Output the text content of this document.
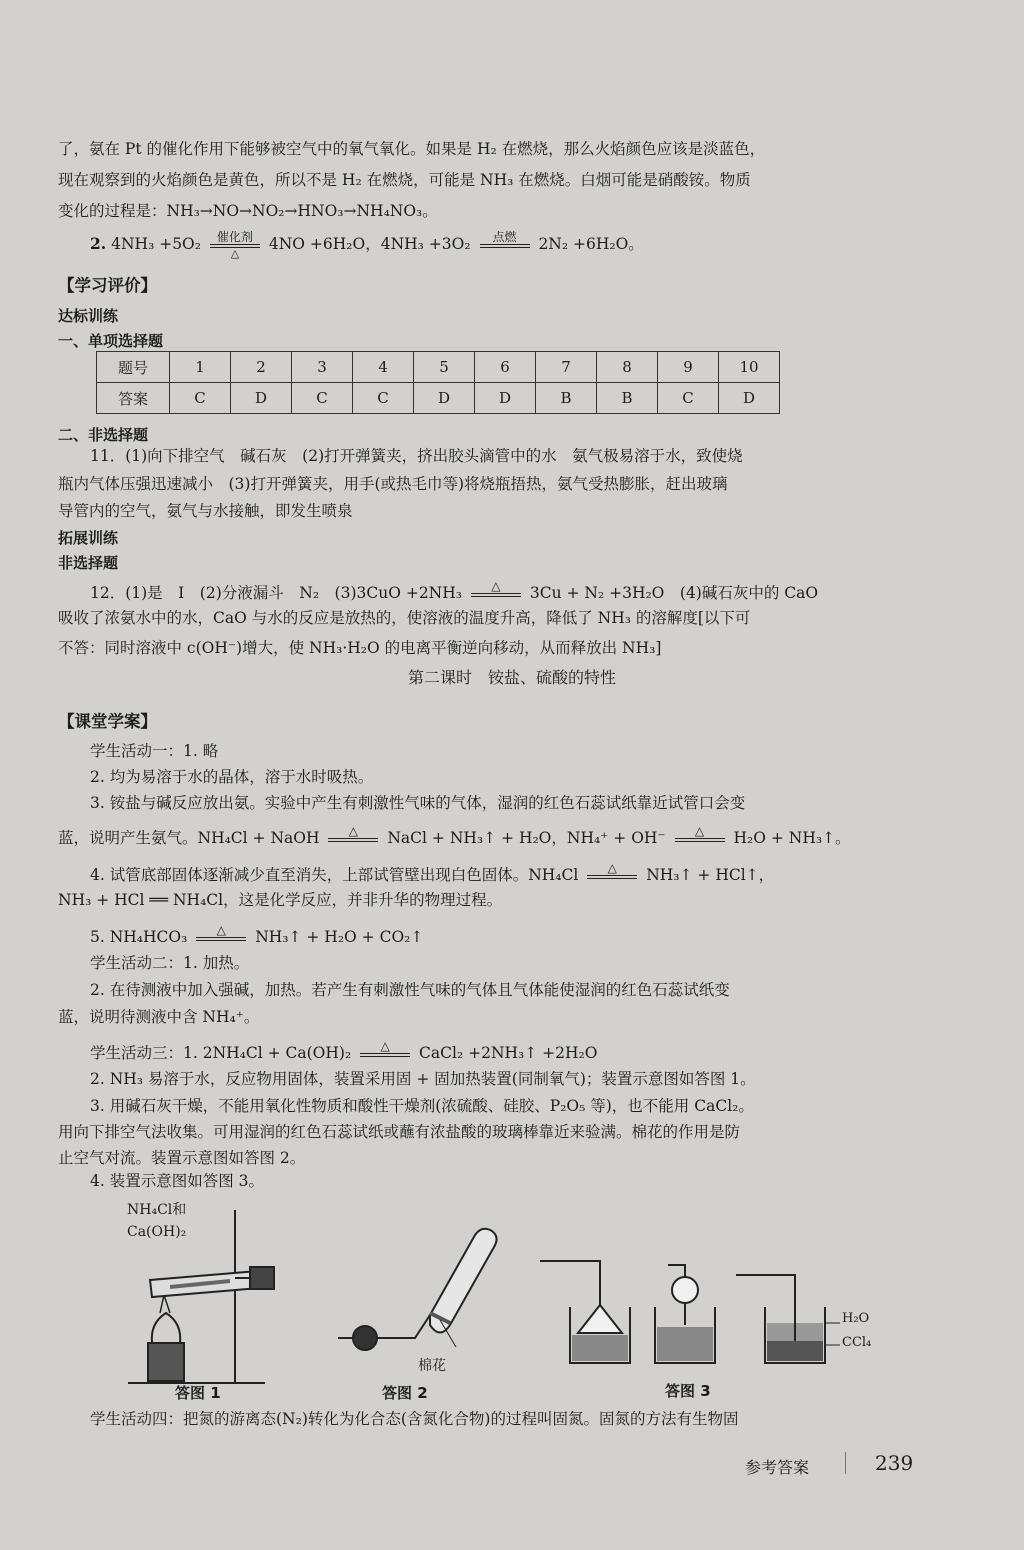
了，氨在 Pt 的催化作用下能够被空气中的氧气氧化。如果是 H₂ 在燃烧，那么火焰颜色应该是淡蓝色，
现在观察到的火焰颜色是黄色，所以不是 H₂ 在燃烧，可能是 NH₃ 在燃烧。白烟可能是硝酸铵。物质
变化的过程是：NH₃→NO→NO₂→HNO₃→NH₄NO₃。
2. 4NH₃ +5O₂	催化剂
△	4NO +6H₂O，4NH₃ +3O₂	点燃
	2N₂ +6H₂O。
【学习评价】
达标训练
一、单项选择题
题号	1	2	3	4	5	6	7	8	9	10
答案	C	D	C	C	D	D	B	B	C	D
二、非选择题
11．(1)向下排空气　碱石灰　(2)打开弹簧夹，挤出胶头滴管中的水　氨气极易溶于水，致使烧
瓶内气体压强迅速减小　(3)打开弹簧夹，用手(或热毛巾等)将烧瓶捂热，氨气受热膨胀，赶出玻璃
导管内的空气，氨气与水接触，即发生喷泉
拓展训练
非选择题
12．(1)是　Ⅰ　(2)分液漏斗　N₂　(3)3CuO +2NH₃	△
	3Cu + N₂ +3H₂O　(4)碱石灰中的 CaO
吸收了浓氨水中的水，CaO 与水的反应是放热的，使溶液的温度升高，降低了 NH₃ 的溶解度[以下可
不答：同时溶液中 c(OH⁻)增大，使 NH₃·H₂O 的电离平衡逆向移动，从而释放出 NH₃]
第二课时　铵盐、硫酸的特性
【课堂学案】
学生活动一：1. 略
2. 均为易溶于水的晶体，溶于水时吸热。
3. 铵盐与碱反应放出氨。实验中产生有刺激性气味的气体，湿润的红色石蕊试纸靠近试管口会变
蓝，说明产生氨气。NH₄Cl + NaOH	△
	NaCl + NH₃↑ + H₂O，NH₄⁺ + OH⁻	△
	H₂O + NH₃↑。
4. 试管底部固体逐渐减少直至消失，上部试管壁出现白色固体。NH₄Cl	△
	NH₃↑ + HCl↑，
NH₃ + HCl ══ NH₄Cl，这是化学反应，并非升华的物理过程。
5. NH₄HCO₃	△
	NH₃↑ + H₂O + CO₂↑
学生活动二：1. 加热。
2. 在待测液中加入强碱，加热。若产生有刺激性气味的气体且气体能使湿润的红色石蕊试纸变
蓝，说明待测液中含 NH₄⁺。
学生活动三：1. 2NH₄Cl + Ca(OH)₂	△
	CaCl₂ +2NH₃↑ +2H₂O
2. NH₃ 易溶于水，反应物用固体，装置采用固 + 固加热装置(同制氧气)；装置示意图如答图 1。
3. 用碱石灰干燥，不能用氧化性物质和酸性干燥剂(浓硫酸、硅胶、P₂O₅ 等)，也不能用 CaCl₂。
用向下排空气法收集。可用湿润的红色石蕊试纸或蘸有浓盐酸的玻璃棒靠近来验满。棉花的作用是防
止空气对流。装置示意图如答图 2。
4. 装置示意图如答图 3。
NH₄Cl和
Ca(OH)₂
棉花
H₂O
CCl₄
答图 1	答图 2	答图 3
学生活动四：把氮的游离态(N₂)转化为化合态(含氮化合物)的过程叫固氮。固氮的方法有生物固
参考答案	239
